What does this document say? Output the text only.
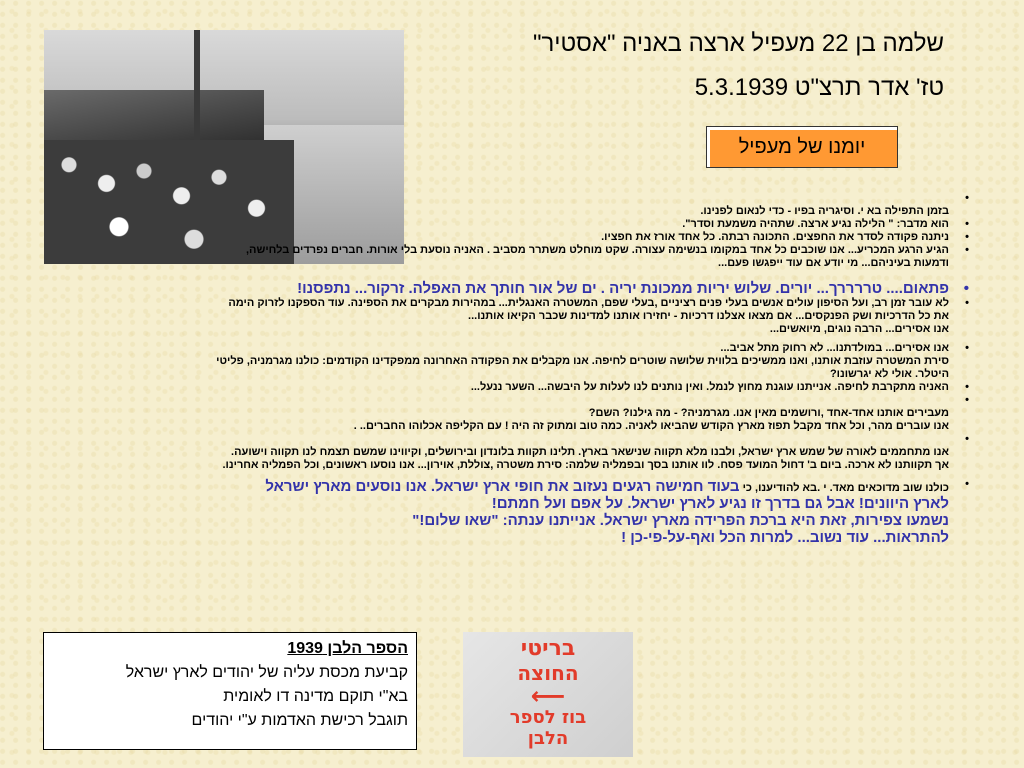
שלמה בן 22 מעפיל ארצה באניה "אסטיר"
טז' אדר תרצ"ט 5.3.1939
יומנו של מעפיל
•

בזמן התפילה בא י. וסיגריה בפיו - כדי לנאום לפנינו.
•
הוא מדבר: " הלילה נגיע ארצה. שתהיה משמעת וסדר".
•
ניתנה פקודה לסדר את החפצים. התכונה רבתה. כל אחד אורז את חפציו.
•
הגיע הרגע המכריע... אנו שוכבים כל אחד במקומו בנשימה עצורה. שקט מוחלט משתרר מסביב . האניה נוסעת בלי אורות. חברים נפרדים בלחישה,
ודמעות בעיניהם... מי יודע אם עוד ייפגשו פעם...
•
פתאום.... טררררך... יורים. שלוש יריות ממכונת יריה . ים של אור חותך את האפלה. זרקור... נתפסנו!
•
לא עובר זמן רב, ועל הסיפון עולים אנשים בעלי פנים רציניים ,בעלי שפם, המשטרה האנגלית... במהירות מבקרים את הספינה. עוד הספקנו לזרוק הימה
את כל הדרכיות ושק הפנקסים... אם מצאו אצלנו דרכיות - יחזירו אותנו למדינות שכבר הקיאו אותנו...
אנו אסירים... הרבה נוגים, מיואשים...
•
אנו אסירים... במולדתנו... לא רחוק מתל אביב...
סירת המשטרה עוזבת אותנו, ואנו ממשיכים בלווית שלושה שוטרים לחיפה. אנו מקבלים את הפקודה האחרונה ממפקדינו הקודמים: כולנו מגרמניה, פליטי
היטלר. אולי לא יגרשונו?
•
האניה מתקרבת לחיפה. אנייתנו עוגנת מחוץ לנמל. ואין נותנים לנו לעלות על היבשה... השער ננעל...
•

מעבירים אותנו אחד-אחד ,ורושמים מאין אנו. מגרמניה? - מה גילנו? השם?
אנו עוברים מהר, וכל אחד מקבל תפוז מארץ הקודש שהביאו לאניה. כמה טוב ומתוק זה היה ! עם הקליפה אכלוהו החברים.. .
•

אנו מתחממים לאורה של שמש ארץ ישראל, ולבנו מלא תקווה שנישאר בארץ. תלינו תקוות בלונדון ובירושלים, וקיווינו שמשם תצמח לנו תקווה וישועה.
אך תקוותנו לא ארכה. ביום ב' דחול המועד פסח. לוו אותנו בסך ובפמליה שלמה: סירת משטרה ,צוללת, אוירון... אנו נוסעו ראשונים, וכל הפמליה אחרינו.
•
כולנו שוב מדוכאים מאד. י .בא להודיענו, כי בעוד חמישה רגעים נעזוב את חופי ארץ ישראל. אנו נוסעים מארץ ישראל
לארץ היוונים! אבל גם בדרך זו נגיע לארץ ישראל. על אפם ועל חמתם!
נשמעו צפירות, זאת היא ברכת הפרידה מארץ ישראל. אנייתנו ענתה: "שאו שלום!"
להתראות... עוד נשוב... למרות הכל ואף-על-פי-כן !
הספר הלבן 1939
קביעת מכסת עליה של יהודים לארץ ישראל
בא"י תוקם מדינה דו לאומית
תוגבל רכישת האדמות ע"י יהודים
בריטי
החוצה
⟵
בוז לספר
הלבן
